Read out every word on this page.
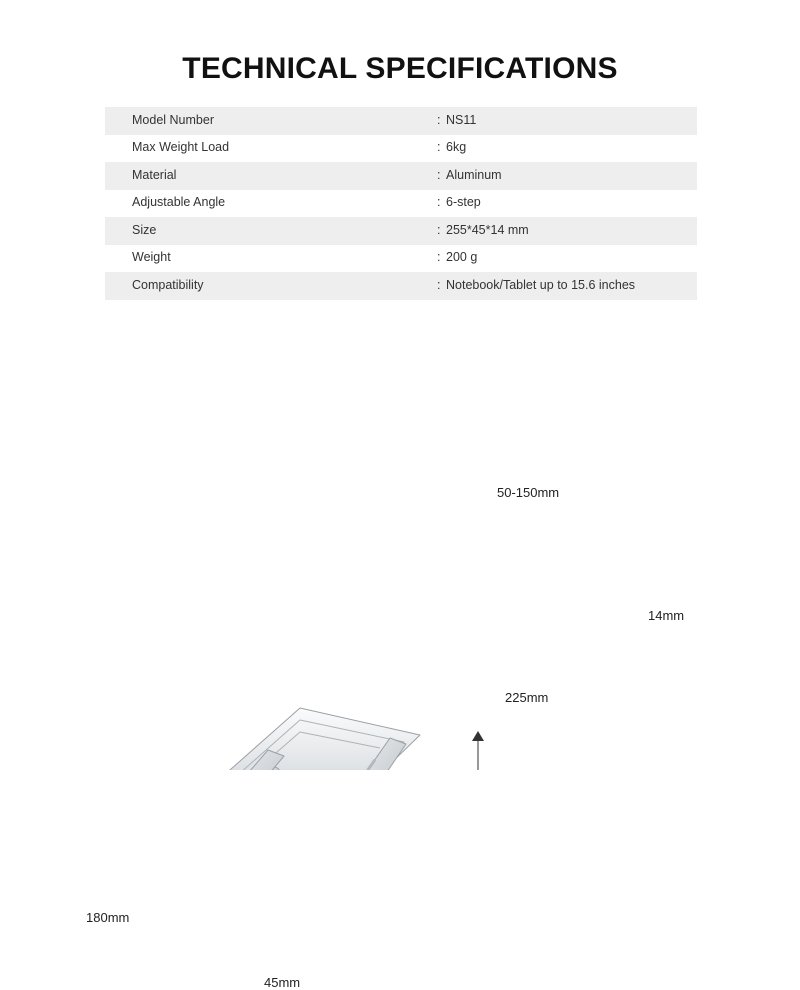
TECHNICAL SPECIFICATIONS
Model Number	: NS11
Max Weight Load	: 6kg
Material	: Aluminum
Adjustable Angle	: 6-step
Size	: 255*45*14 mm
Weight	: 200 g
Compatibility	: Notebook/Tablet up to 15.6 inches
50-150mm
180mm
14mm
45mm
225mm
